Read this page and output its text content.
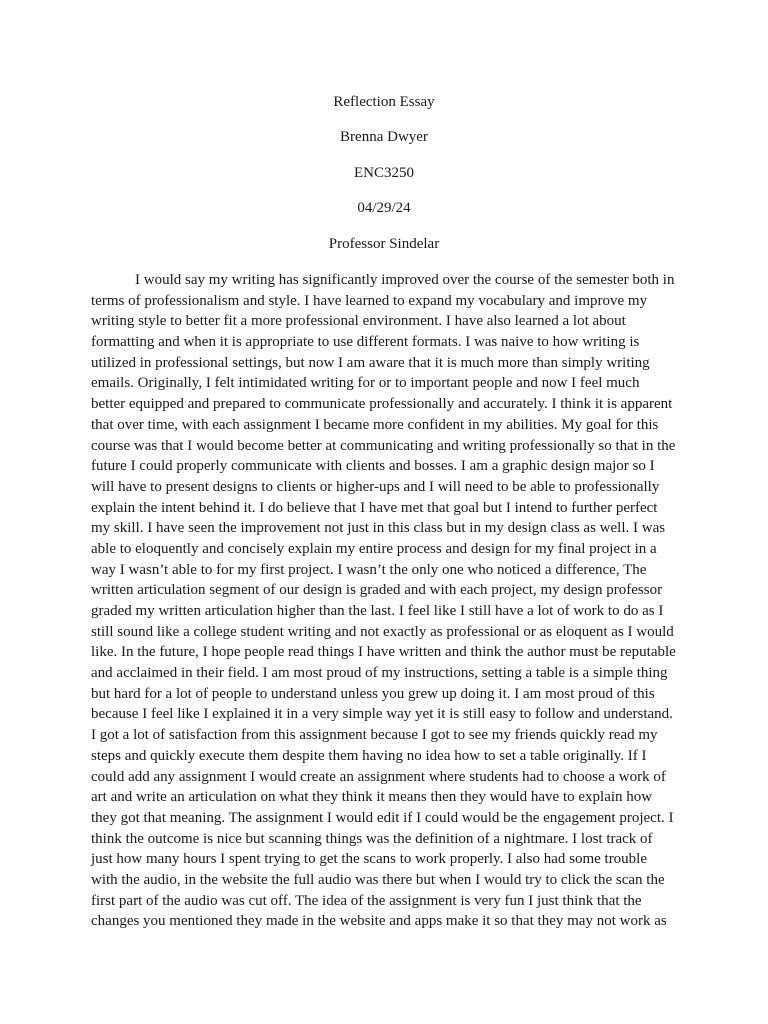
Reflection Essay
Brenna Dwyer
ENC3250
04/29/24
Professor Sindelar
I would say my writing has significantly improved over the course of the semester both in
terms of professionalism and style. I have learned to expand my vocabulary and improve my
writing style to better fit a more professional environment. I have also learned a lot about
formatting and when it is appropriate to use different formats. I was naive to how writing is
utilized in professional settings, but now I am aware that it is much more than simply writing
emails. Originally, I felt intimidated writing for or to important people and now I feel much
better equipped and prepared to communicate professionally and accurately. I think it is apparent
that over time, with each assignment I became more confident in my abilities. My goal for this
course was that I would become better at communicating and writing professionally so that in the
future I could properly communicate with clients and bosses. I am a graphic design major so I
will have to present designs to clients or higher-ups and I will need to be able to professionally
explain the intent behind it. I do believe that I have met that goal but I intend to further perfect
my skill. I have seen the improvement not just in this class but in my design class as well. I was
able to eloquently and concisely explain my entire process and design for my final project in a
way I wasn’t able to for my first project. I wasn’t the only one who noticed a difference, The
written articulation segment of our design is graded and with each project, my design professor
graded my written articulation higher than the last. I feel like I still have a lot of work to do as I
still sound like a college student writing and not exactly as professional or as eloquent as I would
like. In the future, I hope people read things I have written and think the author must be reputable
and acclaimed in their field. I am most proud of my instructions, setting a table is a simple thing
but hard for a lot of people to understand unless you grew up doing it. I am most proud of this
because I feel like I explained it in a very simple way yet it is still easy to follow and understand.
I got a lot of satisfaction from this assignment because I got to see my friends quickly read my
steps and quickly execute them despite them having no idea how to set a table originally. If I
could add any assignment I would create an assignment where students had to choose a work of
art and write an articulation on what they think it means then they would have to explain how
they got that meaning. The assignment I would edit if I could would be the engagement project. I
think the outcome is nice but scanning things was the definition of a nightmare. I lost track of
just how many hours I spent trying to get the scans to work properly. I also had some trouble
with the audio, in the website the full audio was there but when I would try to click the scan the
first part of the audio was cut off. The idea of the assignment is very fun I just think that the
changes you mentioned they made in the website and apps make it so that they may not work as
